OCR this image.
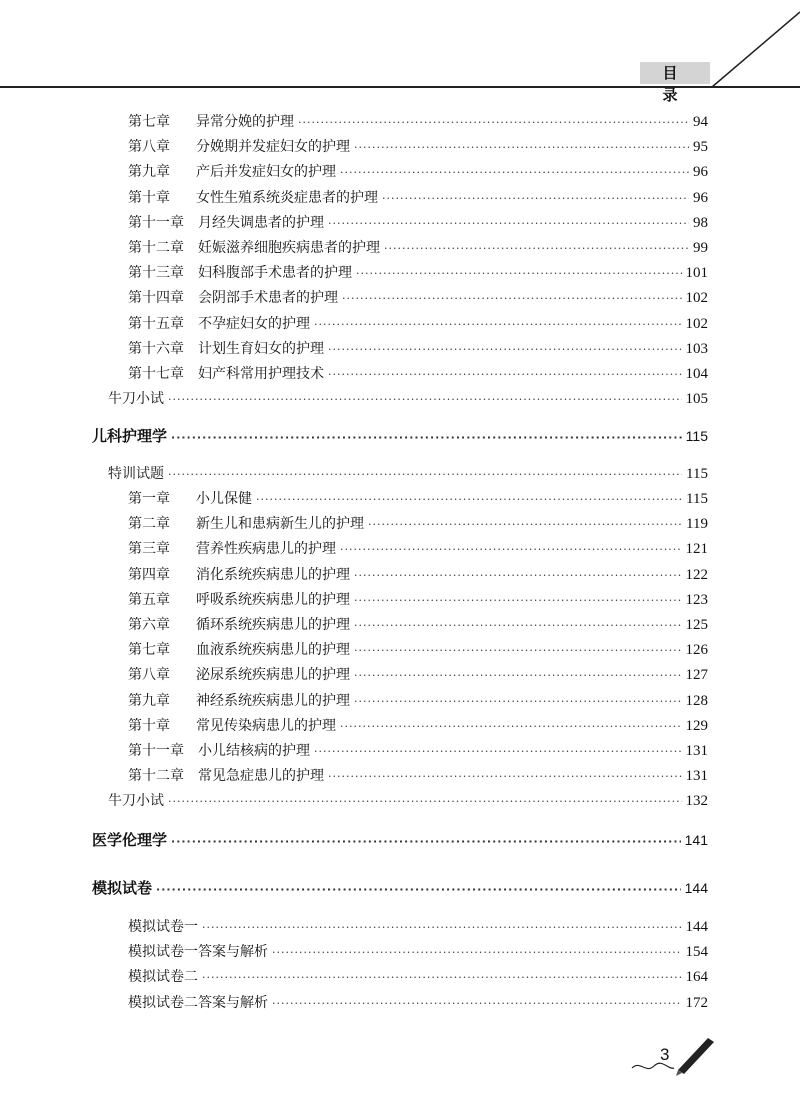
目 录
第七章 异常分娩的护理 ·····	94
第八章 分娩期并发症妇女的护理 ·····	95
第九章 产后并发症妇女的护理 ·····	96
第十章 女性生殖系统炎症患者的护理 ·····	96
第十一章 月经失调患者的护理 ·····	98
第十二章 妊娠滋养细胞疾病患者的护理 ·····	99
第十三章 妇科腹部手术患者的护理 ·····	101
第十四章 会阴部手术患者的护理 ·····	102
第十五章 不孕症妇女的护理 ·····	102
第十六章 计划生育妇女的护理 ·····	103
第十七章 妇产科常用护理技术 ·····	104
牛刀小试 ·····	105
儿科护理学 ·····	115
特训试题 ·····	115
第一章 小儿保健 ·····	115
第二章 新生儿和患病新生儿的护理 ·····	119
第三章 营养性疾病患儿的护理 ·····	121
第四章 消化系统疾病患儿的护理 ·····	122
第五章 呼吸系统疾病患儿的护理 ·····	123
第六章 循环系统疾病患儿的护理 ·····	125
第七章 血液系统疾病患儿的护理 ·····	126
第八章 泌尿系统疾病患儿的护理 ·····	127
第九章 神经系统疾病患儿的护理 ·····	128
第十章 常见传染病患儿的护理 ·····	129
第十一章 小儿结核病的护理 ·····	131
第十二章 常见急症患儿的护理 ·····	131
牛刀小试 ·····	132
医学伦理学 ·····	141
模拟试卷 ·····	144
模拟试卷一 ·····	144
模拟试卷一答案与解析 ·····	154
模拟试卷二 ·····	164
模拟试卷二答案与解析 ·····	172
3
